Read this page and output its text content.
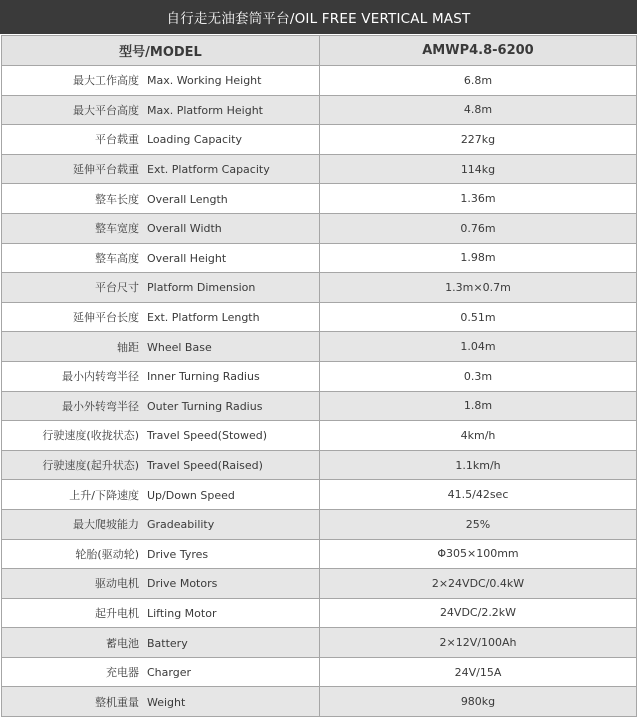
自行走无油套筒平台/OIL FREE VERTICAL MAST
型号/MODEL	AMWP4.8-6200
最大工作高度 Max. Working Height	6.8m
最大平台高度 Max. Platform Height	4.8m
平台载重 Loading Capacity	227kg
延伸平台载重 Ext. Platform Capacity	114kg
整车长度 Overall Length	1.36m
整车宽度 Overall Width	0.76m
整车高度 Overall Height	1.98m
平台尺寸 Platform Dimension	1.3m×0.7m
延伸平台长度 Ext. Platform Length	0.51m
轴距 Wheel Base	1.04m
最小内转弯半径 Inner Turning Radius	0.3m
最小外转弯半径 Outer Turning Radius	1.8m
行驶速度(收拢状态) Travel Speed(Stowed)	4km/h
行驶速度(起升状态) Travel Speed(Raised)	1.1km/h
上升/下降速度 Up/Down Speed	41.5/42sec
最大爬坡能力 Gradeability	25%
轮胎(驱动轮) Drive Tyres	Φ305×100mm
驱动电机 Drive Motors	2×24VDC/0.4kW
起升电机 Lifting Motor	24VDC/2.2kW
蓄电池 Battery	2×12V/100Ah
充电器 Charger	24V/15A
整机重量 Weight	980kg
